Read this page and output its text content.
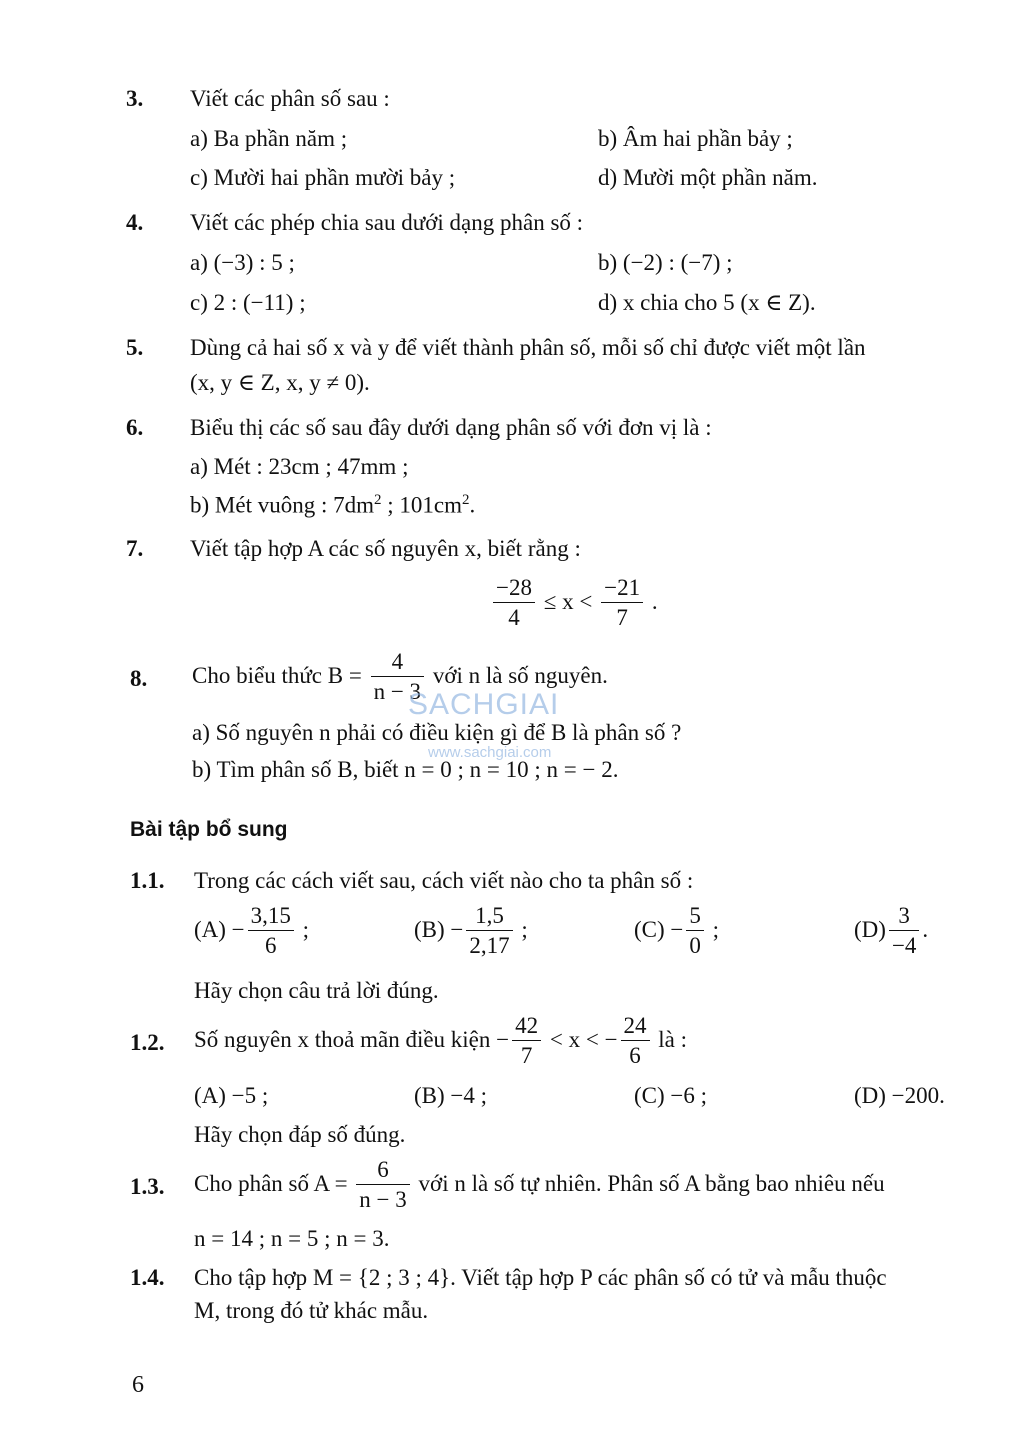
3. Viết các phân số sau :
a) Ba phần năm ;	b) Âm hai phần bảy ;
c) Mười hai phần mười bảy ;	d) Mười một phần năm.
4. Viết các phép chia sau dưới dạng phân số :
a) (−3) : 5 ;	b) (−2) : (−7) ;
c) 2 : (−11) ;	d) x chia cho 5 (x ∈ Z).
5. Dùng cả hai số x và y để viết thành phân số, mỗi số chỉ được viết một lần
(x, y ∈ Z, x, y ≠ 0).
6. Biểu thị các số sau đây dưới dạng phân số với đơn vị là :
a) Mét : 23cm ; 47mm ;
b) Mét vuông : $7dm^2$ ; $101cm^2$.
7. Viết tập hợp A các số nguyên x, biết rằng :
$\frac{-28}{4} \le x < \frac{-21}{7}$ .
8. Cho biểu thức $B = \frac{4}{n - 3}$ với n là số nguyên.
a) Số nguyên n phải có điều kiện gì để B là phân số ?
b) Tìm phân số B, biết n = 0 ; n = 10 ; n = − 2.
SACHGIAI
www.sachgiai.com
Bài tập bổ sung
1.1. Trong các cách viết sau, cách viết nào cho ta phân số :
$(A) - \frac{3,15}{6}$ ;	$(B) - \frac{1,5}{2,17}$ ;	$(C) - \frac{5}{0}$ ;	$(D) \frac{3}{-4}$ .
Hãy chọn câu trả lời đúng.
1.2. Số nguyên x thoả mãn điều kiện − $\frac{42}{7} < x$ < − $\frac{24}{6}$ là :
(A) −5 ;	(B) −4 ;	(C) −6 ;	(D) −200.
Hãy chọn đáp số đúng.
1.3. Cho phân số $A = \frac{6}{n - 3}$ với n là số tự nhiên. Phân số A bằng bao nhiêu nếu
n = 14 ; n = 5 ; n = 3.
1.4. Cho tập hợp M = {2 ; 3 ; 4}. Viết tập hợp P các phân số có tử và mẫu thuộc
M, trong đó tử khác mẫu.
6
